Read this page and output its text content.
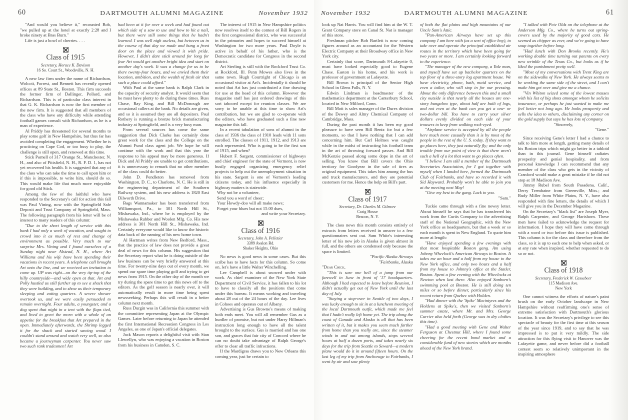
60	DARTMOUTH ALUMNI MAGAZINE	November 1932

"And would you believe it," recounted Bob, "we pulled up at the hotel at exactly 2:28 and I broke ninety at Bras Burn."

Life is just a bowl of cherries. . . .

Class of 1915

Secretary, Horace K. Davison

16 So. Court St., Woodsville, N. H.

A new law firm under the name of Richardson, Wolcott, Forrest, and Bennett has recently opened offices at 89 State St., Boston. This firm succeeds the former firm of Dallinger, Pollard, and Richardson. This is of particular class interest in that G. K. Richardson is now the first member of the new firm. It is suggested that all members of the class who have any difficulty while attending football games consult with Richardson, as he is a man of experience.

Al Priddy has threatened for several months to play some golf in New Hampshire, but thus far has avoided completing the engagement. Whether he is practicing on Cape Cod, or too busy to play, the challenge is still open, and renewed at this time.

Stick Parnell of 317 Orange St., Manchester, N. H., and also of Pittsfield, N. H., R. F. D. 1, has not yet recovered his health. It is suggested that any of the class who can take the time to call upon him or if this is impossible, to write him, should do so. This would make life that much more enjoyable for good old Stick.

Among the few of the faithful who have responded to the Secretary's call for action this fall was Paul Vining, now with the Springfield Safe Deposit and Trust Company of Springfield, Mass. The following paragraph from his letter will be of interest to many readers of this column:

"Due to the short length of service with this bank I had only a week of vacation, and sought to crowd into it as much of rest and change of environment as possible. Very much to our surprise Mrs. Vining and I found ourselves of a Sunday night near Alstead, N. H., where Art Williams and his wife have been spending their vacations in recent years. A telephone call brought Art onto the line, and we received an invitation to come up. UP was right—on the very tip-top of the hilly countryside—and wide open at that. Art and Polly hustled us still further up to see a shack that they were building, and to show us their temporary sleeping and eating quarters. A severe shower overtook us, and we were easily persuaded to remain overnight. Four adults, a youngster, and a dog spent that night in a tent with the flaps tied, and lived to greet the morn with a whale of an appetite for the breakfast that Art prepared in the open. Immediately afterwards, the Shrimp legged it for the shack and started sawing wood. I couldn't stand around and watch very well, so also became a journeyman carpenter. You never saw two such rank tradesmen! Art

had been at it for over a week and had found out which side of a saw to use and how to hit a nail, but there were still some things that he hadn't learned. I was well nigh useless, but between us in the course of that day we made and hung a front door on the place and viewed it with pride. However, I didn't dare stick around for long for fear Art would get another bright idea and start on another day's work. It was a change for us to be there twenty-four hours, and we envied them their location, ambition, and the wealth of fresh air that such a place could afford."

With Paul at the same bank is Ralph Clark in the capacity of security analyst. It would seem that he must have plenty to do during these times. Russ Chase, Ray King, and Bill McDonough are occasional callers at the bank. No details are given, and so it is assumed they are all depositors. Paul Rothery is running a bronze brick manufacturing industry at Springfield, and is a very busy man.

From several sources has come the same suggestion that Dick Clarke has certainly done great work for the class and the College on the Alumni Fund class agent job. We hope he will continue with the work and that this year the response to his appeal may be more generous. If Dick and Al Priddy are unable to get contributions, it is unnecessary to remark that no other member of the class could do better.

John D. Pendleton has removed from Washington, D. C., to Charlotte, N. C. He is still in the engineering department of the Southern Railway system, and his new address is 1820 East Dilworth Drive.

Bags Wannamaker has been transferred from Williamsport, Pa., to 301 North Hill St., Mishawaka, Ind., where he is employed by the Mishawaka Rubber and Woolen Mfg. Co. His new address is 301 North Hill St., Mishawaka, Ind. Certainly everyone would like to know the historic data back of the naming of his new home town.

Al Hartman writes from New Bedford, Mass., that the practice of law does not provide a great deal of news for this column. His suggestion that the Secretary report what he is doing outside of the law business can be very briefly answered at this time. For twenty-nine days out of every month, we spend our spare time playing golf and trying to get news from 1915. On the other day of the month we try during the spare time to get this news off to the editors. As the golf season is nearly over, it will automatically result in more time being spent newsseeking. Perhaps this will result in a better column next month.

Russ Durgin was in California this summer with the committee representing Japan at the Olympic Games. Later before returning to Japan he attended the first International Recreation Congress in Los Angeles, as one of Japan's official delegates.

Jack Mason reports a delightful visit with Stan Llewellyn, who was enjoying a vacation in Boston from his business in Camden, S. C.

The interest of 1915 in New Hampshire politics now resolves itself to the contest of Bill Rogers in the first congressional district, who was successful in the primaries and hopes to succeed himself at Washington for two more years. Paul Doyle is active in behalf of his father, who is the Democratic candidate for Congress in the second district.

Art Sterling is still with the Rockford Trust Co. at Rockford, Ill. Penn Mowes also lives in the same town. Hugh Courtright of Chicago is an occasional visitor at Art's. Incidentally it should be noted that Art has just contributed a fine drawing for use at the head of this column. However the magazine staff has just ordered drawings of this sort tabooed except for reunion classes. We are sorry to be unable at this time to show Art's contribution, but we are glad to co-operate with the editors, who have graduated such a fine new magazine this fall.

In a recent tabulation of sons of alumni in the class of 1936 the class of 1910 leads with 11 sons enrolled. The classes of 1911, 1912, and 1913 are each represented. Who is going to be the first son of 1915, and when?

Hubert F. Sargent, commissioner of highways and chief engineer for the state of Vermont, is now busily engaged organizing emergency relief projects to help out the unemployment situation in his state. Sargent is one of Vermont's leading citizens today, and his influence especially in highway matters is statewide.

Why not be a volunteer,

Send you a word of cheer;

Your Howdy-doo will all make news;

Forget your blues but not 15.00 dues,

and write your Secretary.

Class of 1916

Secretary, John A. Pelletier

3389 Avalon Rd.

Shaker Heights, Ohio

No news is good news in some cases. But this scribe has to have facts for this column. So come on, let's have a little Walter Winchelling.

Lee Campbell is about snowed under with work. As chief examiner of the New York State Department of Civil Service, it has fallen to his lot to have to classify all the positions that come under this bureau. It means working and traveling about 28 out of the 24 hours of the day. Lee lives in Cohoes and operates out of Albany.

Advertising is Gus Browne's means of making both ends meet. You will all remember Gus as a hurdler of promise, but not under Harry Hillman's instruction long enough to have all the talent brought to the surface. Gus is married and has one son, and graces that fair city of Concord where he can no doubt take advantage of Ralph George's offer to clear all traffic infractions.

If the Mardigras draws you to New Orleans this coming year, just be certain to

November 1932	DARTMOUTH ALUMNI MAGAZINE	61

look up Nat Harris. You will find him at the W. T. Grant Company store on Canal St. Nat is manager of this store.

Freshman pitcher Bob Bartlett is now coming figures around as an accountant for the Western Electric Company at their Broadway office in New York city.

Certainly that score, Dartmouth 8-Lafayette 0, must have looked especially good to Eugene Chase. Easton is his home, and his work is professor of government at Lafayette.

Bill Brown is principal of the Senior High School in Glens Falls, N. Y.

Edwin Lindman is headmaster of the mathematics department at the Canterbury School, located in New Milford, Conn.

Bill Mott is sales manager of the Dures division of the Dewey and Almy Chemical Company of Cambridge, Mass.

During the past month it has been my good pleasure to have seen Bill Bentz for but a few moments, so that I have nothing that I can add concerning him. But Carl Holmes was caught while in the midst of instructing his football team in the art of throwing forward passes. And Bill McKenzie passed along some dope in the art of selling. You know that Bill covers the Ohio territory for Goodyear in the sale of tires as original equipment. This takes him among the bus and truck manufacturers, and they are potential customers for me. Hence the help on Bill's part.

Class of 1917

Secretary, Dr. Charles M. Gilmore

Craig House

Beacon, N. Y.

The class news this month consists entirely of extracts from letters received in answer to a few questionnaires sent out. Sam White's interesting letter of his new job in Alaska is given almost in full, and the others are condensed only because the space is limited.

"Pacific Alaska Airways

"Fairbanks, Alaska

"Dear Chick,

"This is sure one hell of a jump from our farewell in June in front of '17 headquarters. Although I had expected to leave before Reunion, I didn't actually get out of New York until the last day of July.

"Staying a stop-over in Seattle of two days, I was lucky enough to sit in at a luncheon meeting of the local Dartmouth outfit, which made me feel that I hadn't really left home yet. The trip along the coast of Canada and Alaska is all that has been written of it, but it makes you seem much farther from home than you really are, since the steamer winds in and out among islands, stops several hours at half a dozen ports, and takes nearly six days for the trip from Seattle to Seward—a modern plane would do it in around fifteen hours. On the last leg of my trip from Anchorage to Fairbanks, I went by air and saw plenty

of both the flat plains and high mountains of our Uncle Sam's Attic.

"Pan-American Airways have set up this company I am here with (as a sort of office boy), to take over and operate the principal established air routes in the territory which have been going for two years or more. I am certainly looking forward to the experience.

"The manager of the new company, a Yale man, and myself have set up bachelor quarters on the top floor of a three-story log apartment house. We have electricity, phone, bath, maid service, and even a tailor, who will stop in for our pressing. About the only difference between this and a small city outside is that nearly all the houses are one-story bungalow type, about half are built of logs, and not even at the bank can you get a one- or two-dollar bill. You have to carry your silver dollars evenly divided on each side of your trousers to keep from walking rock-eyed.

"Airplane service is accepted by all the people here much more casually than it is by most of the people in the rest of the U. S. today. If they want to go places here, they just naturally fly; and the only trouble from our point of view is that there aren't such a hell of a lot that want to go places often.

"I believe I am still a member of the Dartmouth Secretaries Association, for I got together with myself when I landed here, formed the Dartmouth Club of Fairbanks, and have so recorded it with Sid Hayward. Probably won't be able to join you at the meeting next May!

"Give my best to the gang. Luck to you.

"Sam."

Tuckie came through with a fine newsy letter. About himself he says that he has transferred his work from the Curtis Company to the advertising staff of the National Geographic, with the New York office as headquarters, but that a week or so each month is spent in New England. To quote him more at length:

"Have enjoyed spending a few evenings with that most hospitable Boston gang. Am using Johnny Wheelock's American Airways to Boston. It takes me an hour and a half from my house to the New York office, and only two hours and a half from my house to Johnny's office at the Statler, Boston. Spent a fine evening with the Wheelocks at Newton when last there. Also enjoyed Sanborn's swimming pool at Boston. He is still doing ten miles or so before dinner, particularly since his recent return from Quebec with Holden.

"Had dinner with the 'Spike' Macintyres and the Holdens at Spike's, then we visited Sanborn's summer estate, where Mr. and Mrs. George Currier also held forth (George was in dry clothes this time).

"Had a good meeting with Gene and Walter Ferguson at Chestnut Hill, where I found some cheering for the recent bond market and a considerable fund of new stories which are months ahead of the New York brand.

"I talked with Pete Olds on the telephone at the Anderson Mfg. Co., where he turns out spring-covers used by the majority of good cars. He seemed as chipper as ever, and we're going to have soup together before long.

"Had lunch with Don Brooks recently. He's working double time turning out patents on every new wrinkle of the Texas Co., but looks as if he liked the punishment pretty well.

"Most of my conversations with Trent King are on the sidewalks of New York. He always seems to be working the same side of the street, and I can't make him get over and give me a chance.

"Vin Whiton seized some of the lowest masses with his list of big shots amongst whom he solicits insurance, or perhaps he just wanted to make me feel better not long ago. He looks prosperity and sells the idea to others, disclaiming any corner on the gold supply but says he has lots of company.

"Sincerely,

"Gene."

Since receiving Gene's letter I had a chance to talk to him more at length, getting many details of his Boston trips which might go better in a tabloid than in this journal. Gene himself radiates prosperity and genial hospitality, and from personal knowledge I can recommend that any member of the class who gets in the vicinity of Cranford would make a great mistake if he did not stop at 18 Madison Ave.

Jimmy Rubel from South Pasadena, Calif., Derry Trembaine from Greenville, Miss.; and Rudy Miller from White Plains, N. Y., have also responded with fine letters, the details of which I will give you in the December Magazine.

On the Secretary's "black list" are Joseph Myer, Ralph Carpenter, and George Hartshorn. These men have failed to acknowledge the request for information. I hope they will have come through with a word or two before this issue is published. This column is for the class and therefore from the class, so it is up to each one to help when asked, or at any rate when inspired, whether requested to do so or not.

Class of 1918

Secretary, Frederick W. Cassebeer

115 Madison Ave.

New York

One cannot witness the efforts of nature's paint brush on the early October landscape in New Hampshire without reaffirming one's sense of extreme satisfaction with Dartmouth's glorious location. It was the Secretary's privilege to see this spectacle of beauty for the first time at this season of the year since 1919, and to say that he was impressed is to put it very mildly. The side attraction for this flying visit to Hanover was the Lafayette game, and never before did a football contest seem so relatively unimportant in the inspiring atmosphere
